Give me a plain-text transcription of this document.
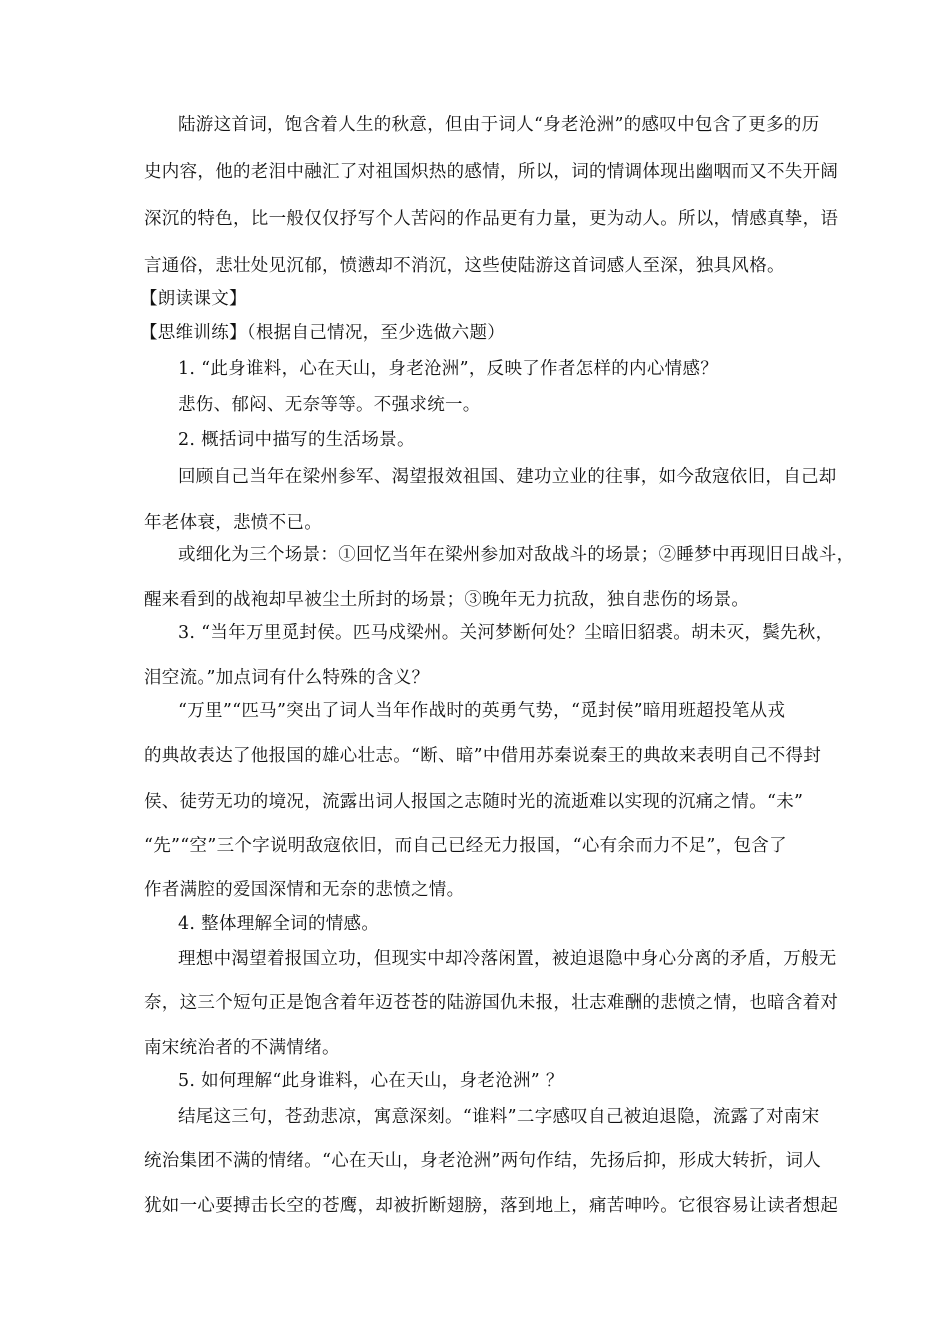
陆游这首词，饱含着人生的秋意，但由于词人“身老沧洲”的感叹中包含了更多的历
史内容，他的老泪中融汇了对祖国炽热的感情，所以，词的情调体现出幽咽而又不失开阔
深沉的特色，比一般仅仅抒写个人苦闷的作品更有力量，更为动人。所以，情感真挚，语
言通俗，悲壮处见沉郁，愤懑却不消沉，这些使陆游这首词感人至深，独具风格。
【朗读课文】
【思维训练】（根据自己情况，至少选做六题）
1. “此身谁料，心在天山，身老沧洲”，反映了作者怎样的内心情感？
悲伤、郁闷、无奈等等。不强求统一。
2. 概括词中描写的生活场景。
回顾自己当年在梁州参军、渴望报效祖国、建功立业的往事，如今敌寇依旧，自己却
年老体衰，悲愤不已。
或细化为三个场景：①回忆当年在梁州参加对敌战斗的场景；②睡梦中再现旧日战斗，
醒来看到的战袍却早被尘土所封的场景；③晚年无力抗敌，独自悲伤的场景。
3. “当年万里觅封侯。匹马戍梁州。关河梦断何处？尘暗旧貂裘。胡未灭，鬓先秋，
泪空流。”加点词有什么特殊的含义？
“万里”“匹马”突出了词人当年作战时的英勇气势，“觅封侯”暗用班超投笔从戎
的典故表达了他报国的雄心壮志。“断、暗”中借用苏秦说秦王的典故来表明自己不得封
侯、徒劳无功的境况，流露出词人报国之志随时光的流逝难以实现的沉痛之情。“未”
“先”“空”三个字说明敌寇依旧，而自己已经无力报国，“心有余而力不足”，包含了
作者满腔的爱国深情和无奈的悲愤之情。
4. 整体理解全词的情感。
理想中渴望着报国立功，但现实中却冷落闲置，被迫退隐中身心分离的矛盾，万般无
奈，这三个短句正是饱含着年迈苍苍的陆游国仇未报，壮志难酬的悲愤之情，也暗含着对
南宋统治者的不满情绪。
5. 如何理解“此身谁料，心在天山，身老沧洲” ？
结尾这三句，苍劲悲凉，寓意深刻。“谁料”二字感叹自己被迫退隐，流露了对南宋
统治集团不满的情绪。“心在天山，身老沧洲”两句作结，先扬后抑，形成大转折，词人
犹如一心要搏击长空的苍鹰，却被折断翅膀，落到地上，痛苦呻吟。它很容易让读者想起
